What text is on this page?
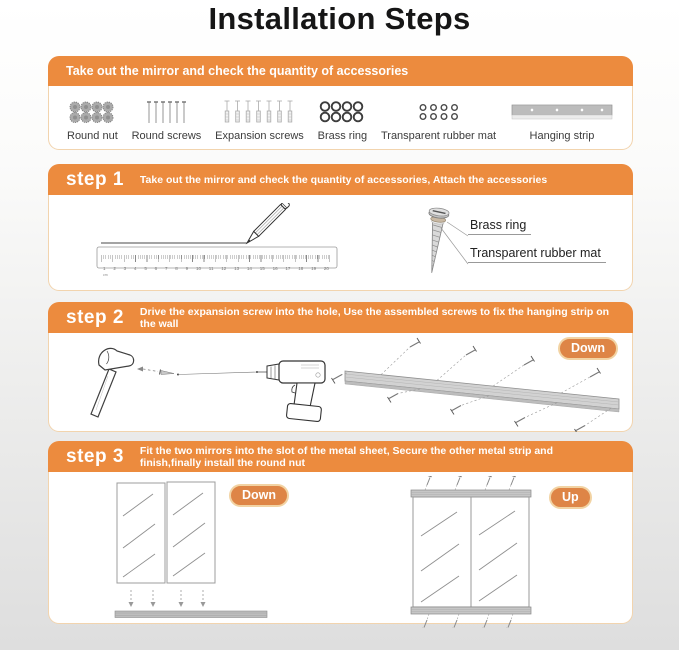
Installation Steps
Take out the mirror and check the quantity of accessories
Round nut Round screws Expansion screws Brass ring Transparent rubber mat	Hanging strip
step 1 Take out the mirror and check the quantity of accessories, Attach the accessories
1 2 3 4 5 6 7 8 9 10 11 12 13 14 15 16 17 18 19 20
cm
Brass ring
Transparent rubber mat
step 2 Drive the expansion screw into the hole, Use the assembled screws to fix the hanging strip on the wall
Down
step 3 Fit the two mirrors into the slot of the metal sheet, Secure the other metal strip and finish,finally install the round nut
Down	Up
